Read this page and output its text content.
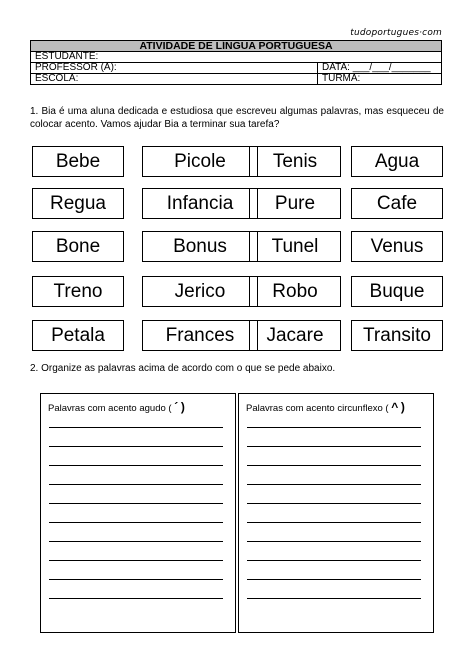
tudoportugues·com
ATIVIDADE DE LÍNGUA PORTUGUESA	
ESTUDANTE:	
PROFESSOR (A):	DATA: ___/___/_______
ESCOLA:	TURMA:
1. Bia é uma aluna dedicada e estudiosa que escreveu algumas palavras, mas esqueceu de colocar acento. Vamos ajudar Bia a terminar sua tarefa?
Bebe	Picole	Tenis	Agua
Regua	Infancia	Pure	Cafe
Bone	Bonus	Tunel	Venus
Treno	Jerico	Robo	Buque
Petala	Frances	Jacare	Transito
2. Organize as palavras acima de acordo com o que se pede abaixo.
Palavras com acento agudo ( ´ )	Palavras com acento circunflexo ( ^ )
